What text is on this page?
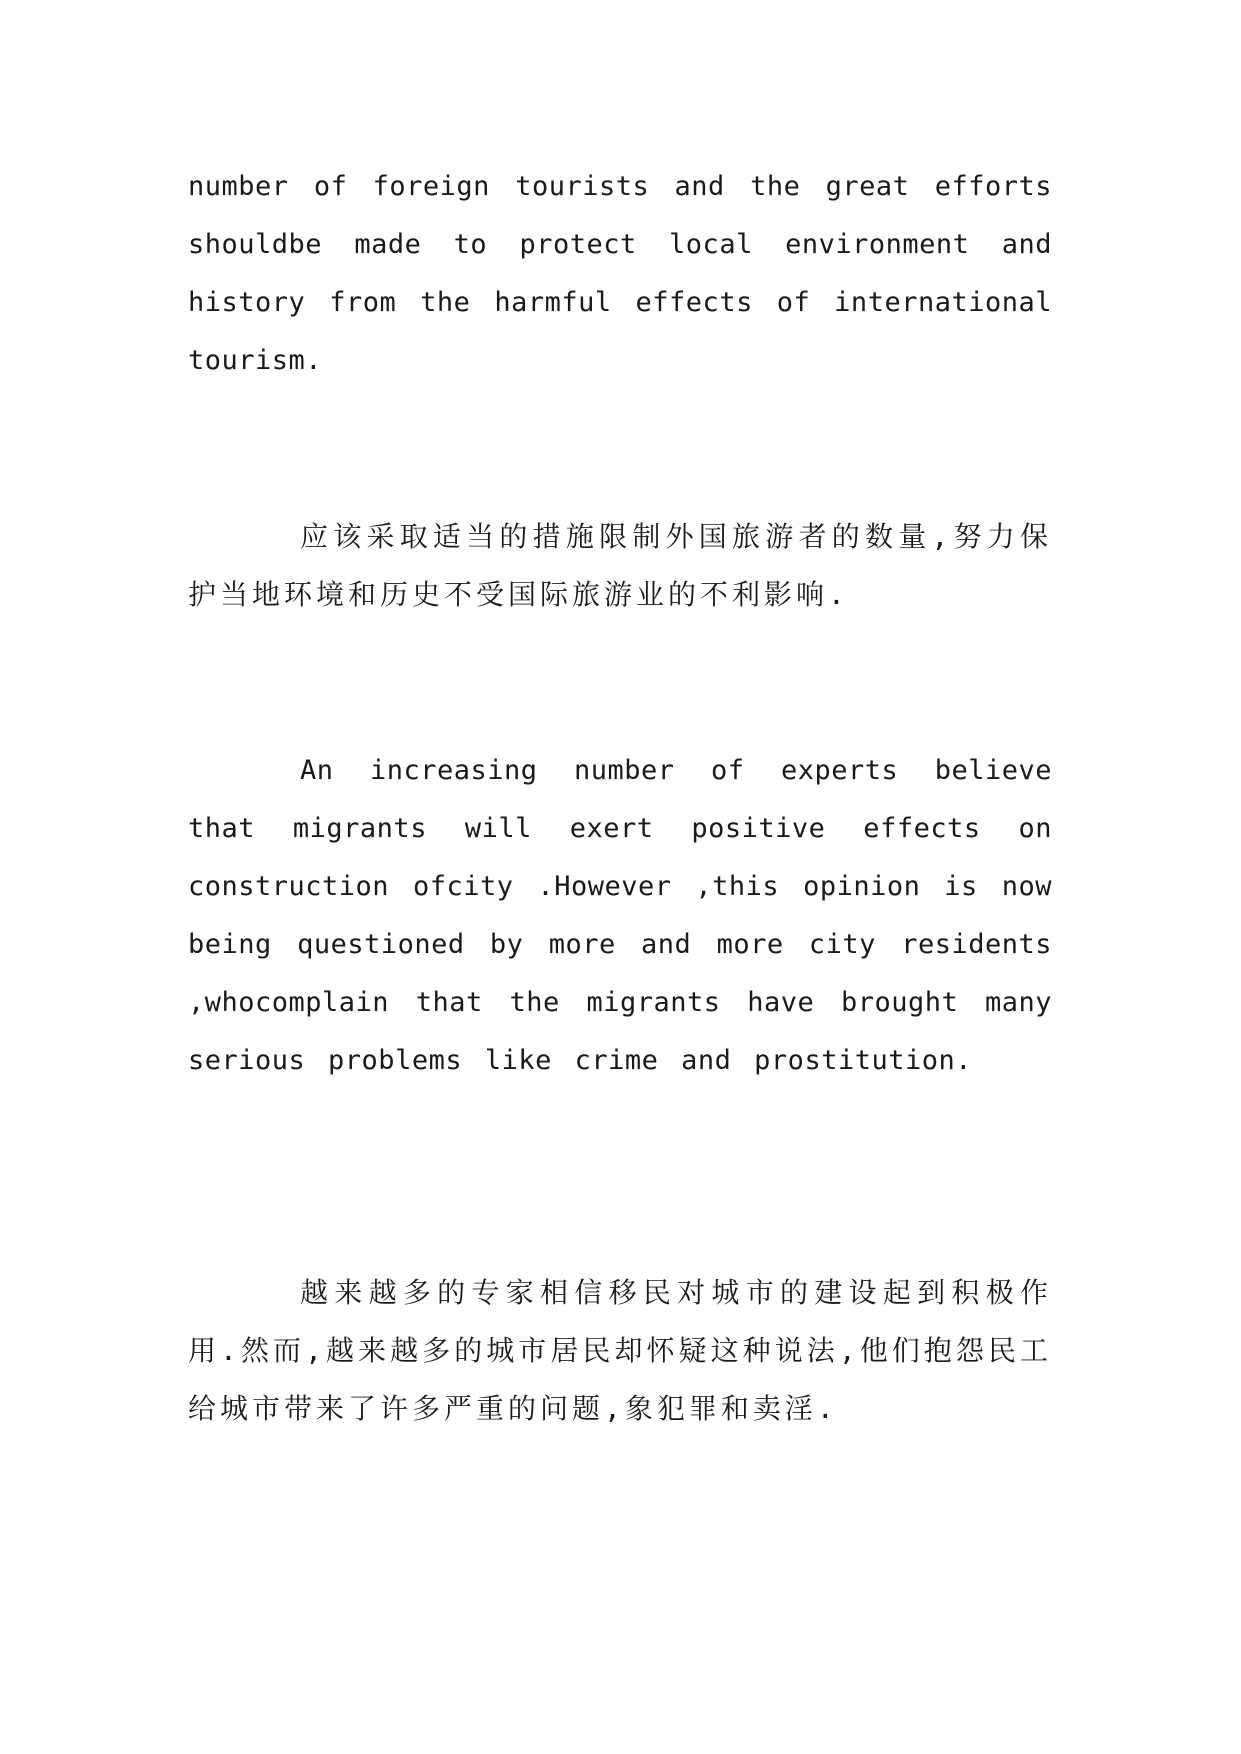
number of foreign tourists and the great efforts shouldbe made to protect local environment and history from the harmful effects of international tourism.

应该采取适当的措施限制外国旅游者的数量,努力保护当地环境和历史不受国际旅游业的不利影响.

An increasing number of experts believe that migrants will exert positive effects on construction ofcity .However ,this opinion is now being questioned by more and more city residents ,whocomplain that the migrants have brought many serious problems like crime and prostitution.

越来越多的专家相信移民对城市的建设起到积极作用.然而,越来越多的城市居民却怀疑这种说法,他们抱怨民工给城市带来了许多严重的问题,象犯罪和卖淫.
